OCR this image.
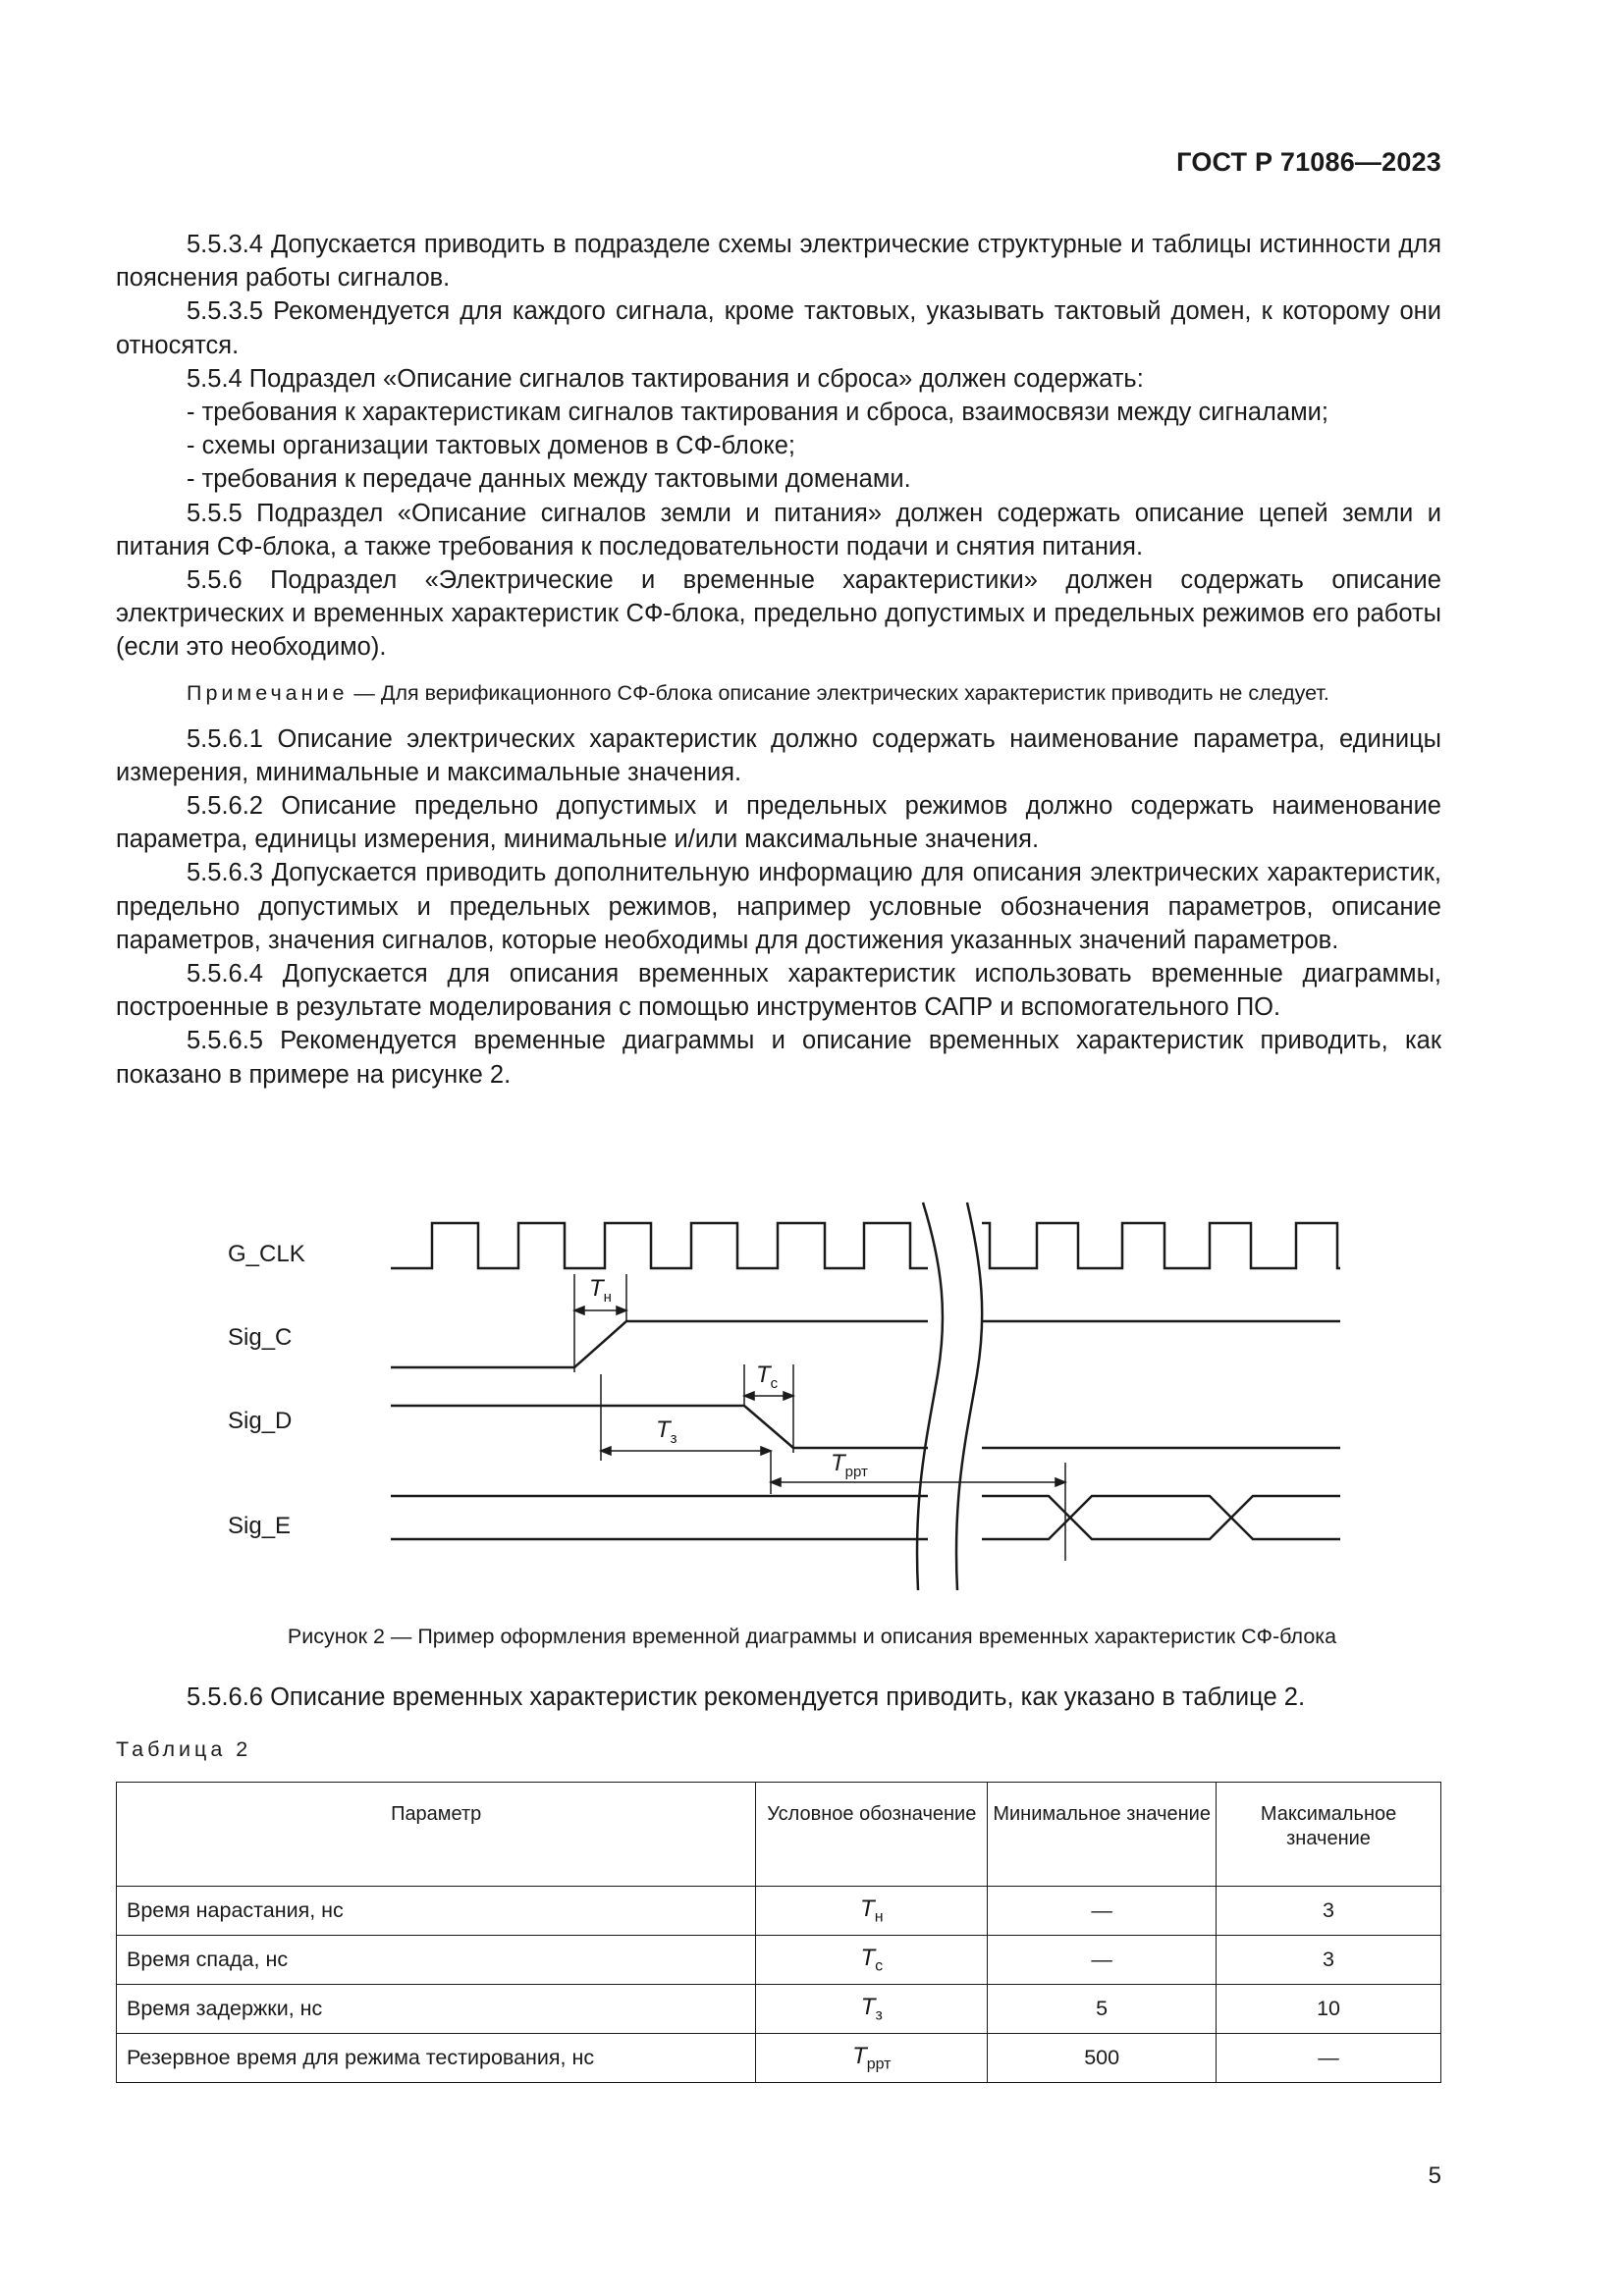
ГОСТ Р 71086—2023

5.5.3.4 Допускается приводить в подразделе схемы электрические структурные и таблицы истинности для пояснения работы сигналов.

5.5.3.5 Рекомендуется для каждого сигнала, кроме тактовых, указывать тактовый домен, к которому они относятся.

5.5.4 Подраздел «Описание сигналов тактирования и сброса» должен содержать:

- требования к характеристикам сигналов тактирования и сброса, взаимосвязи между сигналами;

- схемы организации тактовых доменов в СФ-блоке;

- требования к передаче данных между тактовыми доменами.

5.5.5 Подраздел «Описание сигналов земли и питания» должен содержать описание цепей земли и питания СФ-блока, а также требования к последовательности подачи и снятия питания.

5.5.6 Подраздел «Электрические и временные характеристики» должен содержать описание электрических и временных характеристик СФ-блока, предельно допустимых и предельных режимов его работы (если это необходимо).

Примечание — Для верификационного СФ-блока описание электрических характеристик приводить не следует.

5.5.6.1 Описание электрических характеристик должно содержать наименование параметра, единицы измерения, минимальные и максимальные значения.

5.5.6.2 Описание предельно допустимых и предельных режимов должно содержать наименование параметра, единицы измерения, минимальные и/или максимальные значения.

5.5.6.3 Допускается приводить дополнительную информацию для описания электрических характеристик, предельно допустимых и предельных режимов, например условные обозначения параметров, описание параметров, значения сигналов, которые необходимы для достижения указанных значений параметров.

5.5.6.4 Допускается для описания временных характеристик использовать временные диаграммы, построенные в результате моделирования с помощью инструментов САПР и вспомогательного ПО.

5.5.6.5 Рекомендуется временные диаграммы и описание временных характеристик приводить, как показано в примере на рисунке 2.

G_CLK
Sig_C
Sig_D
Sig_E
$T_н$
$T_с$
$T_з$
$T_{ррт}$
Рисунок 2 — Пример оформления временной диаграммы и описания временных характеристик СФ-блока

5.5.6.6 Описание временных характеристик рекомендуется приводить, как указано в таблице 2.

Таблица 2
Параметр	Условное обозначение	Минимальное значение	Максимальное значение
Время нарастания, нс	$T_н$	—	3
Время спада, нс	$T_с$	—	3
Время задержки, нс	$T_з$	5	10
Резервное время для режима тестирования, нс	$T_{ррт}$	500	—
5
